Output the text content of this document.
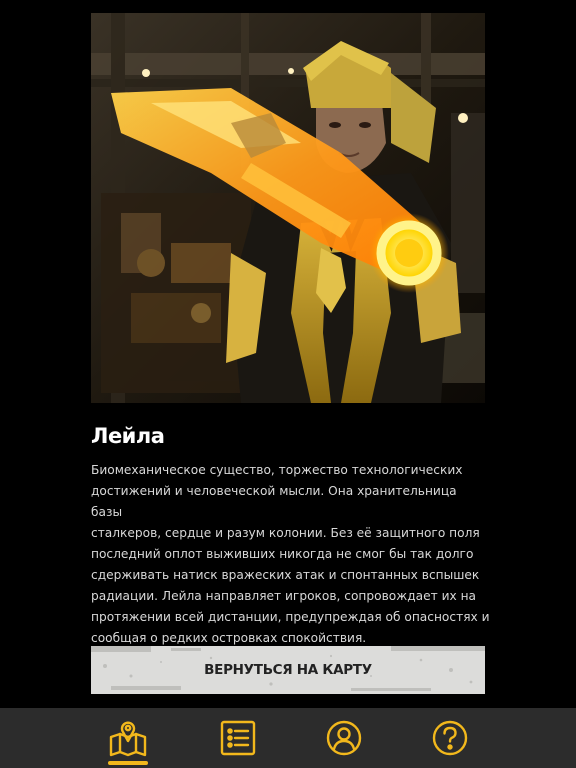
Лейла

Биомеханическое существо, торжество технологических
достижений и человеческой мысли. Она хранительница базы
сталкеров, сердце и разум колонии. Без её защитного поля
последний оплот выживших никогда не смог бы так долго
сдерживать натиск вражеских атак и спонтанных вспышек
радиации. Лейла направляет игроков, сопровождает их на
протяжении всей дистанции, предупреждая об опасностях и
сообщая о редких островках спокойствия.

ВЕРНУТЬСЯ НА КАРТУ
